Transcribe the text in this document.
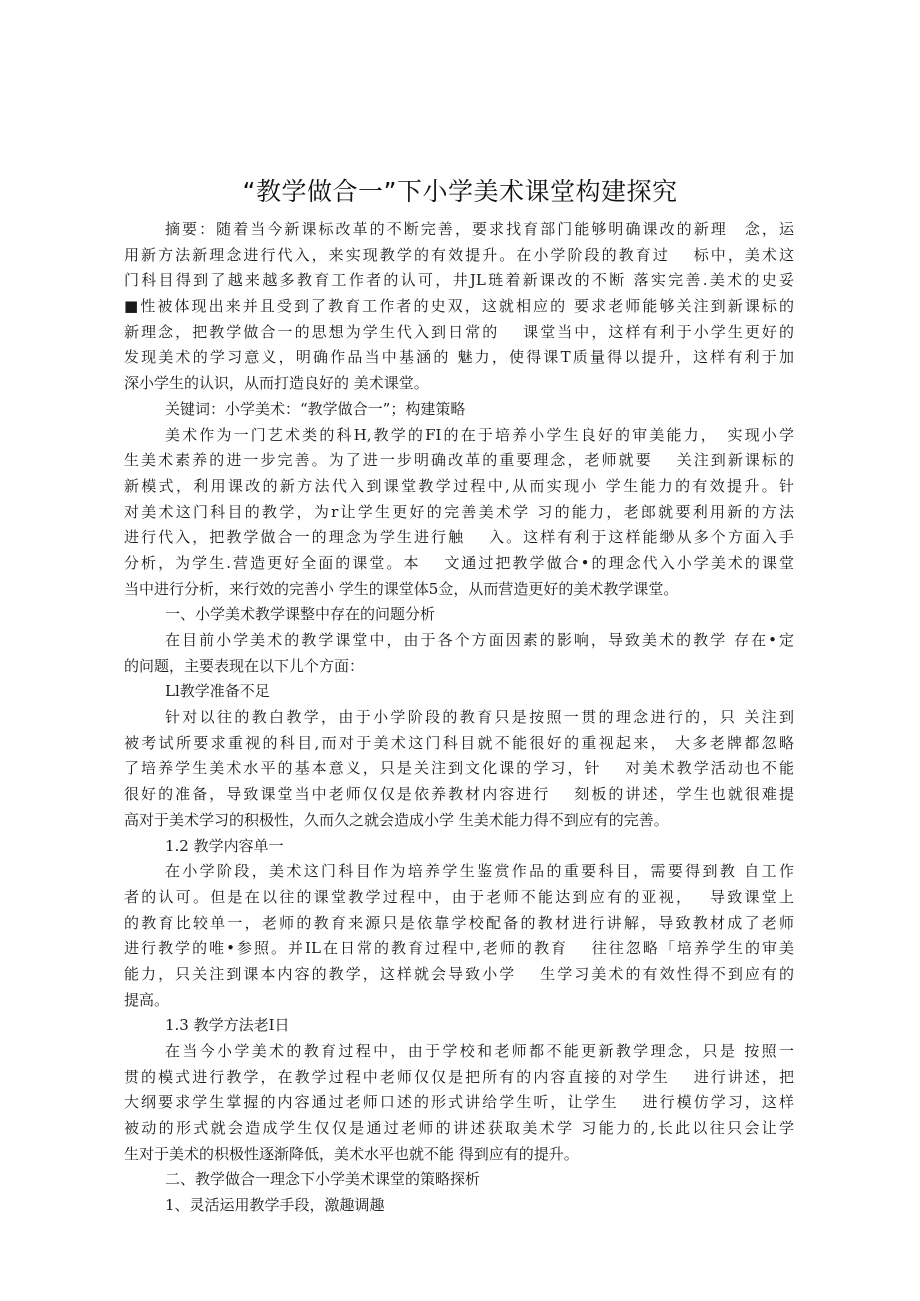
“教学做合一”下小学美术课堂构建探究
摘要：随着当今新课标改革的不断完善，要求找育部门能够明确课改的新理　念，运
用新方法新理念进行代入，来实现教学的有效提升。在小学阶段的教育过　 标中，美术这
门科目得到了越来越多教育工作者的认可，井JL琏着新课改的不断 落实完善.美术的史妥
■性被体现出来并且受到了教育工作者的史双，这就相应的 要求老师能够关注到新课标的
新理念，把教学做合一的思想为学生代入到日常的　 课堂当中，这样有利于小学生更好的
发现美术的学习意义，明确作品当中基涵的 魅力，使得课T质量得以提升，这样有利于加
深小学生的认识，从而打造良好的 美术课堂。
关键词：小学美术：“教学做合一”；构建策略
美术作为一门艺术类的科H,教学的FI的在于培养小学生良好的审美能力，　实现小学
生美术素养的进一步完善。为了进一步明确改革的重要理念，老师就要　 关注到新课标的
新模式，利用课改的新方法代入到课堂教学过程中,从而实现小 学生能力的有效提升。针
对美术这门科目的教学，为r让学生更好的完善美术学 习的能力，老郎就要利用新的方法
进行代入，把教学做合一的理念为学生进行触　 入。这样有利于这样能缈从多个方面入手
分析，为学生.营造更好全面的课堂。本　 文通过把教学做合•的理念代入小学美术的课堂
当中进行分析，来行效的完善小 学生的课堂体5佥，从而营造更好的美术教学课堂。
一、小学美术教学课整中存在的问题分析
在目前小学美术的教学课堂中，由于各个方面因素的影响，导致美术的教学 存在•定
的问题，主要表现在以下儿个方面：
Ll教学准备不足
针对以往的教白教学，由于小学阶段的教育只是按照一贯的理念进行的，只 关注到
被考试所要求重视的科目,而对于美术这门科目就不能很好的重视起来， 大多老牌都忽略
了培养学生美术水平的基本意义，只是关注到文化课的学习，针　 对美术教学活动也不能
很好的准备，导致课堂当中老师仅仅是依养教材内容进行　 刻板的讲述，学生也就很难提
高对于美术学习的积极性，久而久之就会造成小学 生美术能力得不到应有的完善。
1.2 教学内容单一
在小学阶段，美术这门科目作为培养学生鉴赏作品的重要科目，需要得到教 自工作
者的认可。但是在以往的课堂教学过程中，由于老师不能达到应有的亚视，　 导致课堂上
的教育比较单一，老师的教育来源只是依靠学校配备的教材进行讲解，导致教材成了老师
进行教学的唯•参照。并IL在日常的教育过程中,老师的教育　 往往忽略「培养学生的审美
能力，只关注到课本内容的教学，这样就会导致小学　 生学习美术的有效性得不到应有的
提高。
1.3 教学方法老I日
在当今小学美术的教育过程中，由于学校和老师都不能更新教学理念，只是 按照一
贯的模式进行教学，在教学过程中老师仅仅是把所有的内容直接的对学生　 进行讲述，把
大纲要求学生掌握的内容通过老师口述的形式讲给学生听，让学生　 进行模仿学习，这样
被动的形式就会造成学生仅仅是通过老师的讲述获取美术学 习能力的,长此以往只会让学
生对于美术的枳极性逐渐降低，美术水平也就不能 得到应有的提升。
二、教学做合一理念下小学美术课堂的策略探析
1、灵活运用教学手段，激趣调趣
